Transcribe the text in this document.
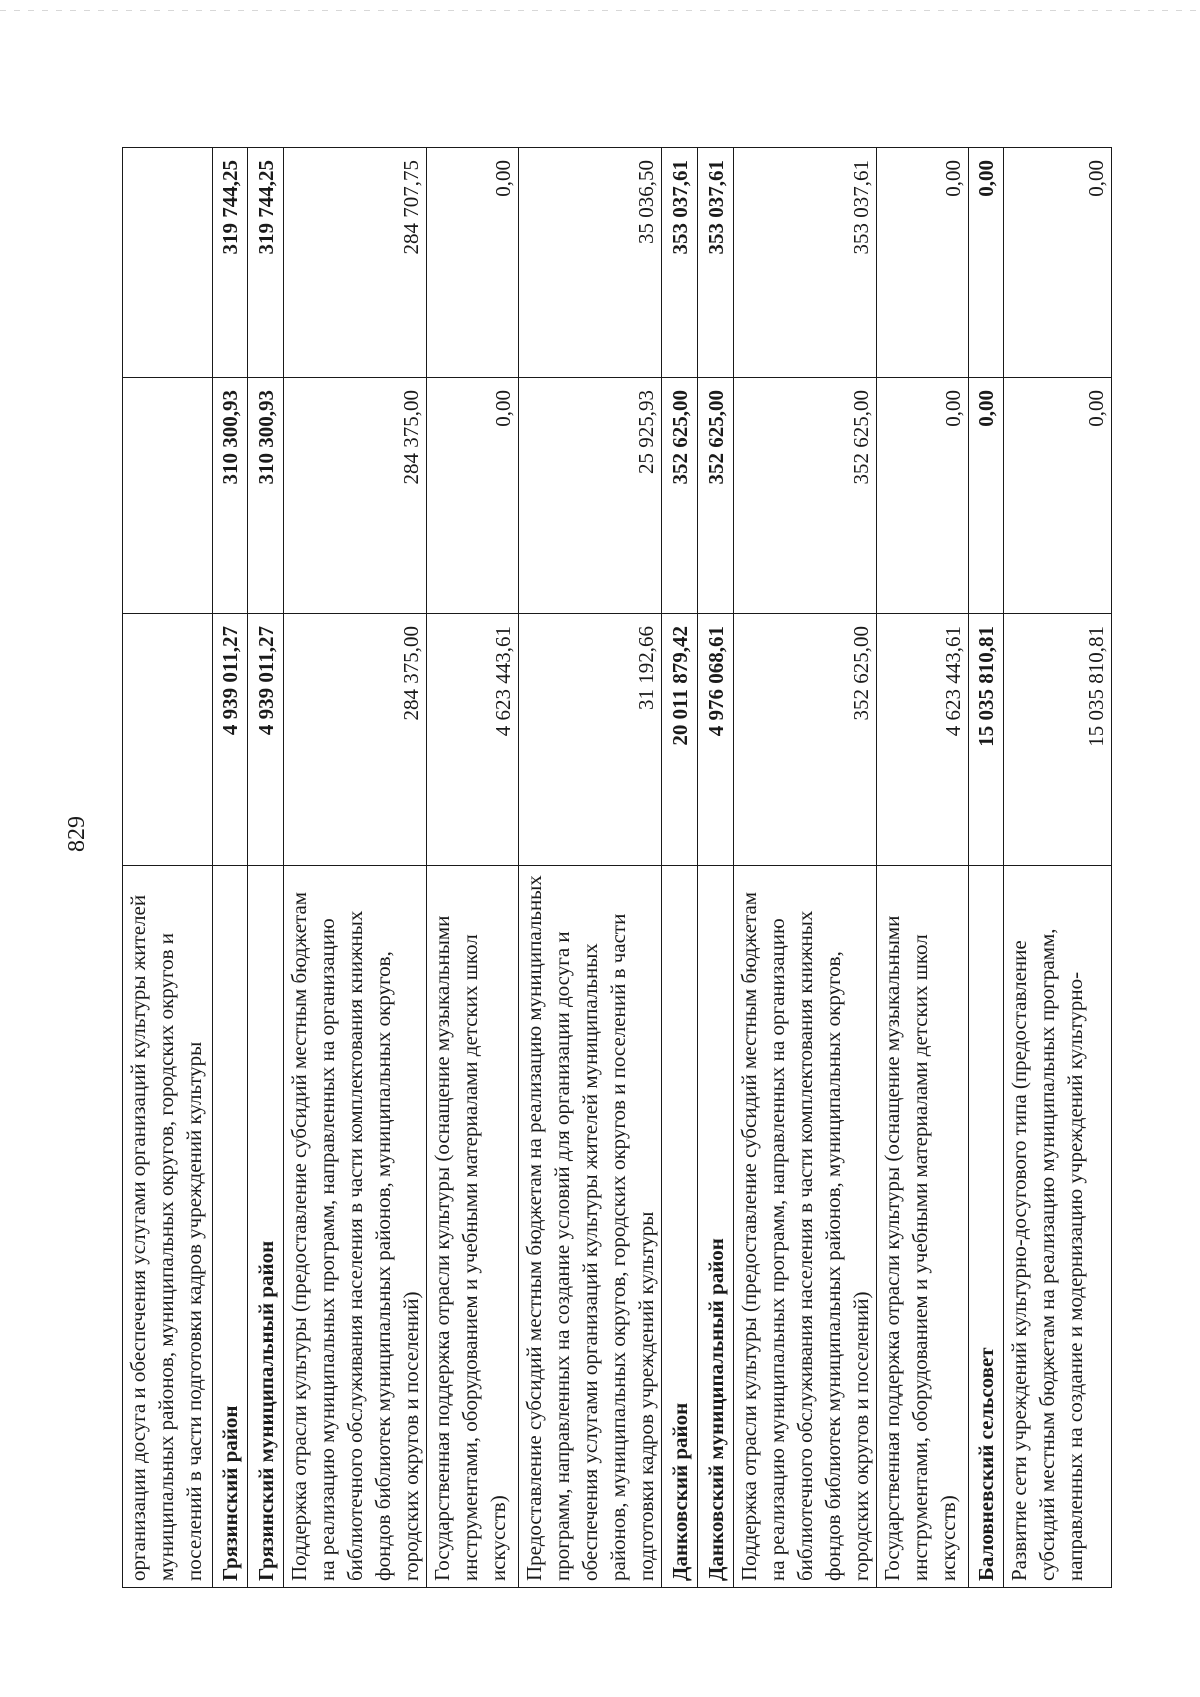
829
организации досуга и обеспечения услугами организаций культуры жителей муниципальных районов, муниципальных округов, городских округов и поселений в части подготовки кадров учреждений культуры			
Грязинский район	4 939 011,27	310 300,93	319 744,25
Грязинский муниципальный район	4 939 011,27	310 300,93	319 744,25
Поддержка отрасли культуры (предоставление субсидий местным бюджетам на реализацию муниципальных программ, направленных на организацию библиотечного обслуживания населения в части комплектования книжных фондов библиотек муниципальных районов, муниципальных округов, городских округов и поселений)	284 375,00	284 375,00	284 707,75
Государственная поддержка отрасли культуры (оснащение музыкальными инструментами, оборудованием и учебными материалами детских школ искусств)	4 623 443,61	0,00	0,00
Предоставление субсидий местным бюджетам на реализацию муниципальных программ, направленных на создание условий для организации досуга и обеспечения услугами организаций культуры жителей муниципальных районов, муниципальных округов, городских округов и поселений в части подготовки кадров учреждений культуры	31 192,66	25 925,93	35 036,50
Данковский район	20 011 879,42	352 625,00	353 037,61
Данковский муниципальный район	4 976 068,61	352 625,00	353 037,61
Поддержка отрасли культуры (предоставление субсидий местным бюджетам на реализацию муниципальных программ, направленных на организацию библиотечного обслуживания населения в части комплектования книжных фондов библиотек муниципальных районов, муниципальных округов, городских округов и поселений)	352 625,00	352 625,00	353 037,61
Государственная поддержка отрасли культуры (оснащение музыкальными инструментами, оборудованием и учебными материалами детских школ искусств)	4 623 443,61	0,00	0,00
Баловневский сельсовет	15 035 810,81	0,00	0,00
Развитие сети учреждений культурно-досугового типа (предоставление субсидий местным бюджетам на реализацию муниципальных программ, направленных на создание и модернизацию учреждений культурно-	15 035 810,81	0,00	0,00
